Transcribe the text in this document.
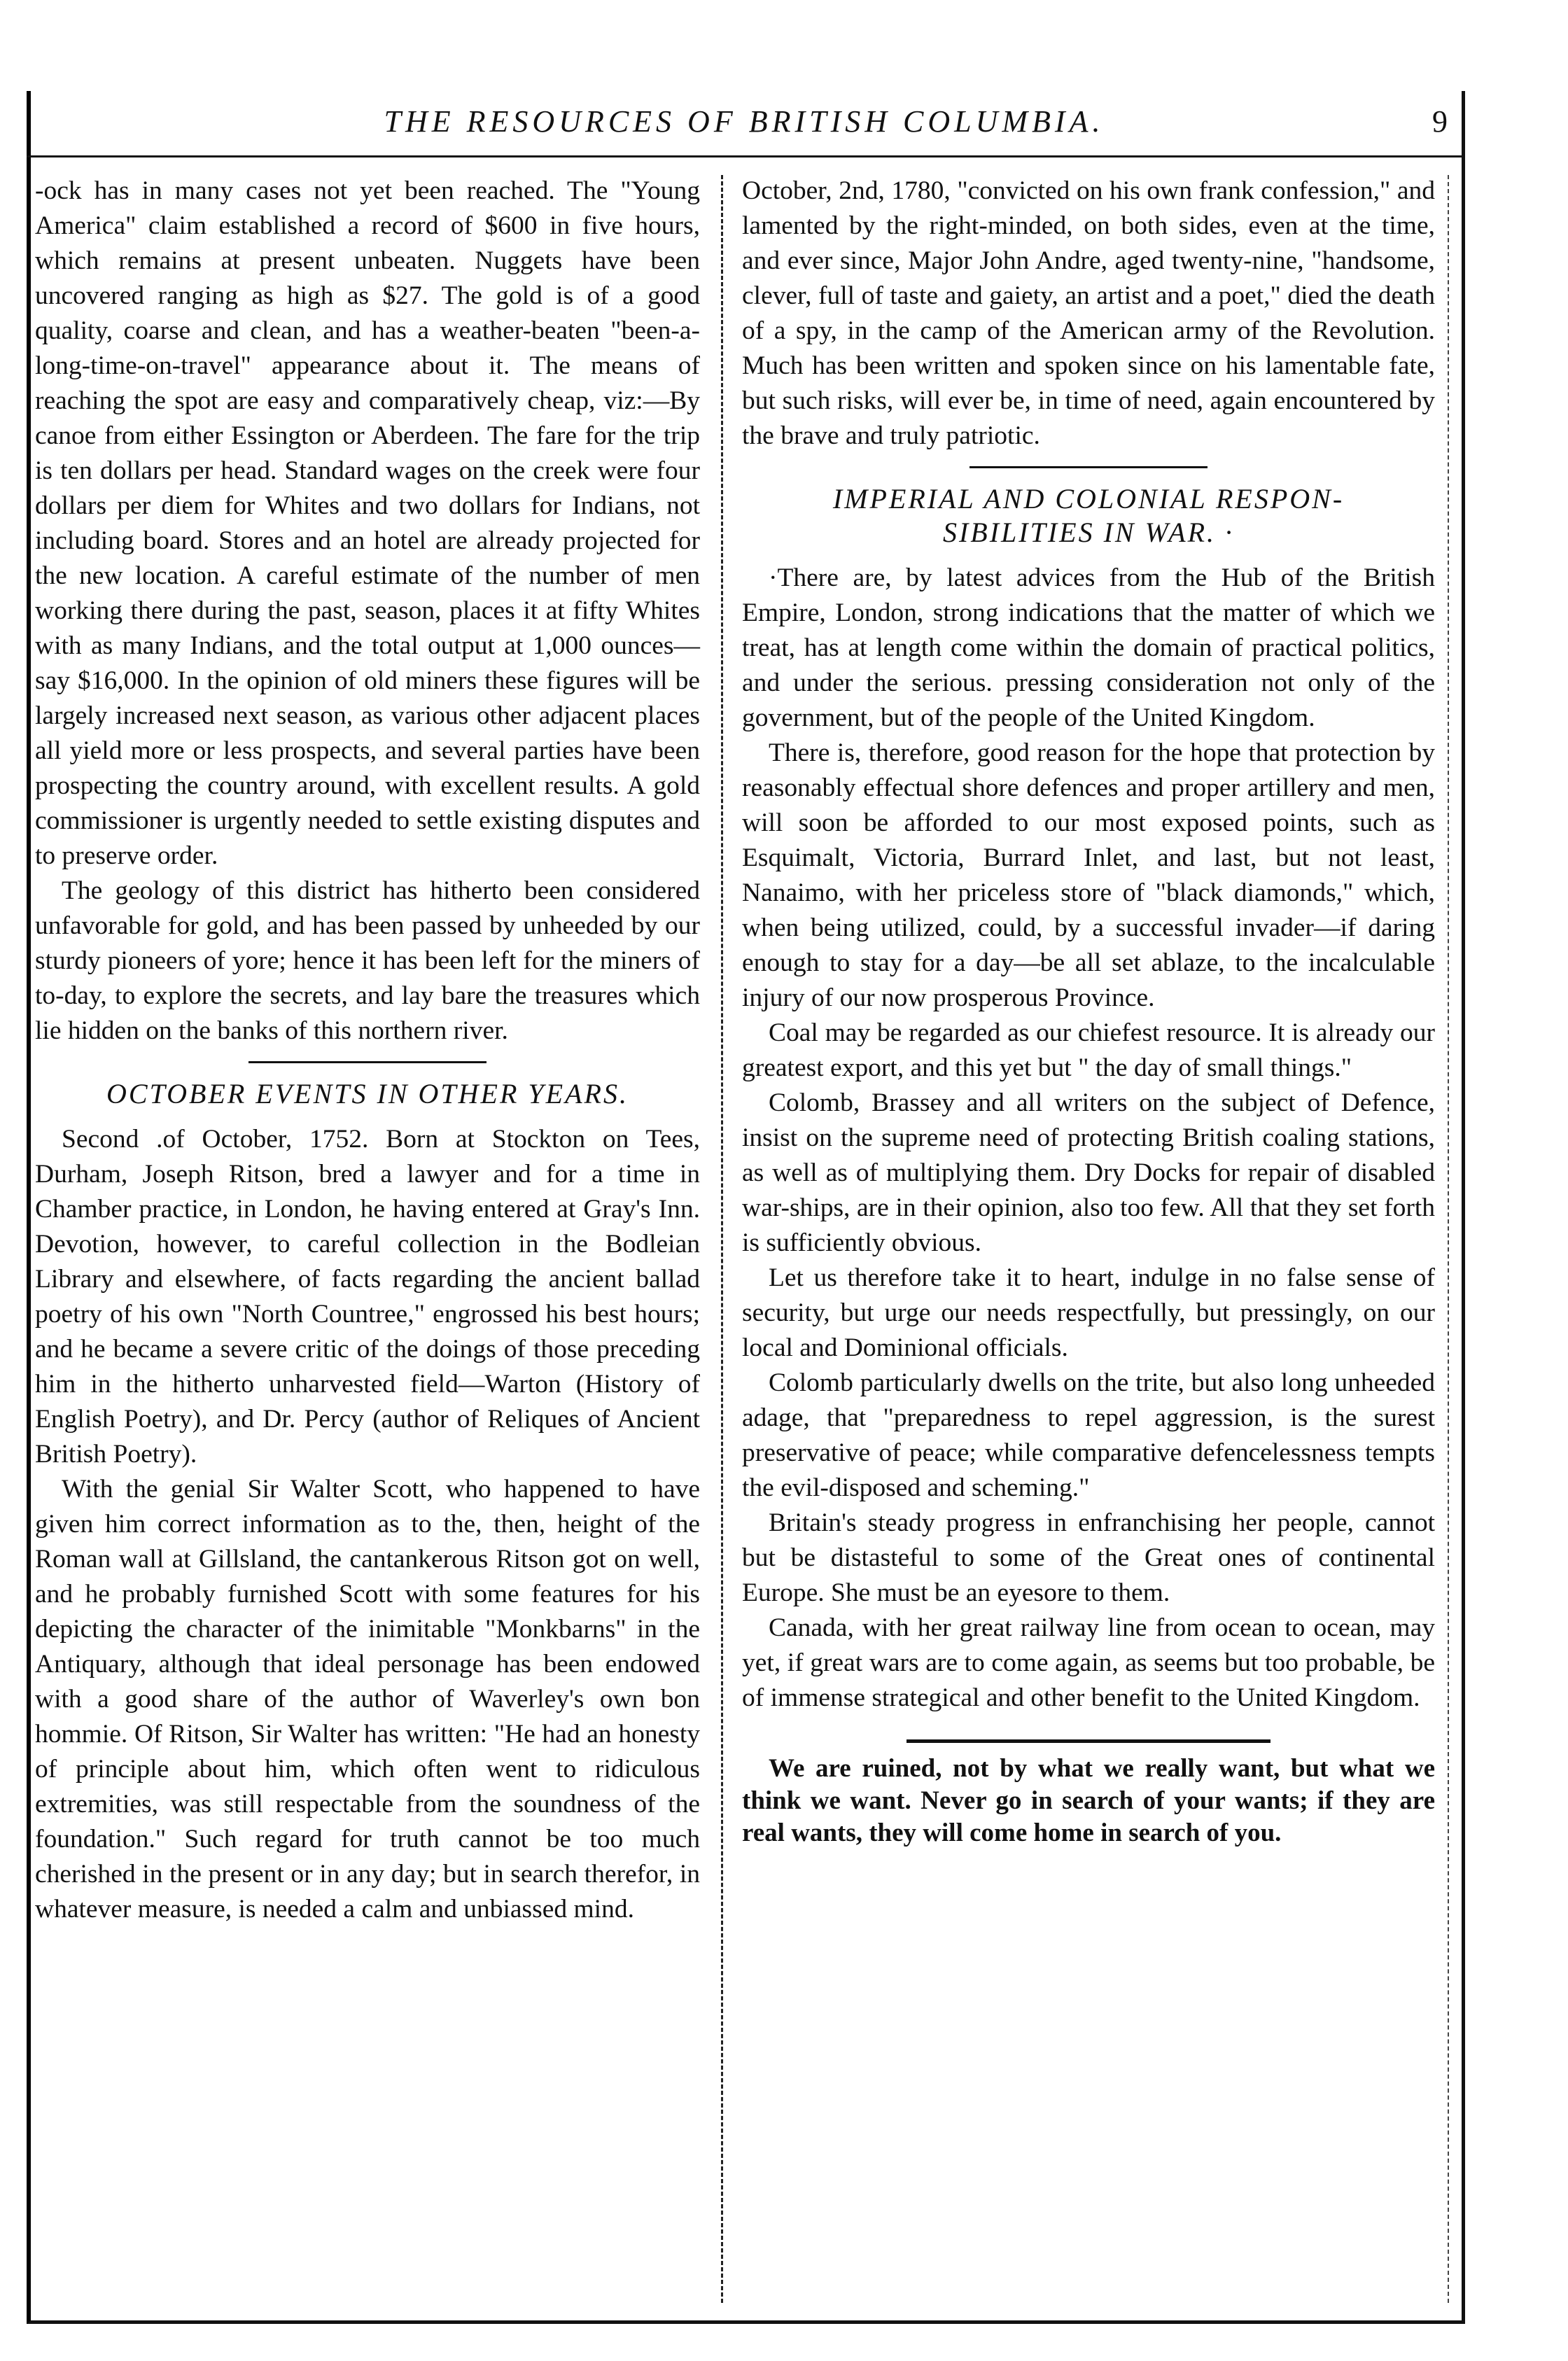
THE RESOURCES OF BRITISH COLUMBIA.	9

‑ock has in many cases not yet been reached. The "Young America" claim established a record of $600 in five hours, which remains at present unbeaten. Nuggets have been uncovered ranging as high as $27. The gold is of a good quality, coarse and clean, and has a weather-beaten "been-a-long-time-on-travel" appearance about it. The means of reaching the spot are easy and comparatively cheap, viz:—By canoe from either Essington or Aberdeen. The fare for the trip is ten dollars per head. Standard wages on the creek were four dollars per diem for Whites and two dollars for Indians, not including board. Stores and an hotel are already projected for the new location. A careful estimate of the number of men working there during the past, season, places it at fifty Whites with as many Indians, and the total output at 1,000 ounces—say $16,000. In the opinion of old miners these figures will be largely increased next season, as various other adjacent places all yield more or less prospects, and several parties have been prospecting the country around, with excellent results. A gold commissioner is urgently needed to settle existing disputes and to preserve order.

The geology of this district has hitherto been considered unfavorable for gold, and has been passed by unheeded by our sturdy pioneers of yore; hence it has been left for the miners of to-day, to explore the secrets, and lay bare the treasures which lie hidden on the banks of this northern river.

OCTOBER EVENTS IN OTHER YEARS.

Second .of October, 1752. Born at Stockton on Tees, Durham, Joseph Ritson, bred a lawyer and for a time in Chamber practice, in London, he having entered at Gray's Inn. Devotion, however, to careful collection in the Bodleian Library and elsewhere, of facts regarding the ancient ballad poetry of his own "North Countree," engrossed his best hours; and he became a severe critic of the doings of those preceding him in the hitherto unharvested field—Warton (History of English Poetry), and Dr. Percy (author of Reliques of Ancient British Poetry).

With the genial Sir Walter Scott, who happened to have given him correct information as to the, then, height of the Roman wall at Gillsland, the cantankerous Ritson got on well, and he probably furnished Scott with some features for his depicting the character of the inimitable "Monkbarns" in the Antiquary, although that ideal personage has been endowed with a good share of the author of Waverley's own bon hommie. Of Ritson, Sir Walter has written: "He had an honesty of principle about him, which often went to ridiculous extremities, was still respectable from the soundness of the foundation." Such regard for truth cannot be too much cherished in the present or in any day; but in search therefor, in whatever measure, is needed a calm and unbiassed mind.

October, 2nd, 1780, "convicted on his own frank confession," and lamented by the right-minded, on both sides, even at the time, and ever since, Major John Andre, aged twenty-nine, "handsome, clever, full of taste and gaiety, an artist and a poet," died the death of a spy, in the camp of the American army of the Revolution. Much has been written and spoken since on his lamentable fate, but such risks, will ever be, in time of need, again encountered by the brave and truly patriotic.

IMPERIAL AND COLONIAL RESPON-
SIBILITIES IN WAR. ·

·There are, by latest advices from the Hub of the British Empire, London, strong indications that the matter of which we treat, has at length come within the domain of practical politics, and under the serious. pressing consideration not only of the government, but of the people of the United Kingdom.

There is, therefore, good reason for the hope that protection by reasonably effectual shore defences and proper artillery and men, will soon be afforded to our most exposed points, such as Esquimalt, Victoria, Burrard Inlet, and last, but not least, Nanaimo, with her priceless store of "black diamonds," which, when being utilized, could, by a successful invader—if daring enough to stay for a day—be all set ablaze, to the incalculable injury of our now prosperous Province.

Coal may be regarded as our chiefest resource. It is already our greatest export, and this yet but " the day of small things."

Colomb, Brassey and all writers on the subject of Defence, insist on the supreme need of protecting British coaling stations, as well as of multiplying them. Dry Docks for repair of disabled war-ships, are in their opinion, also too few. All that they set forth is sufficiently obvious.

Let us therefore take it to heart, indulge in no false sense of security, but urge our needs respectfully, but pressingly, on our local and Dominional officials.

Colomb particularly dwells on the trite, but also long unheeded adage, that "preparedness to repel aggression, is the surest preservative of peace; while comparative defencelessness tempts the evil-disposed and scheming."

Britain's steady progress in enfranchising her people, cannot but be distasteful to some of the Great ones of continental Europe. She must be an eyesore to them.

Canada, with her great railway line from ocean to ocean, may yet, if great wars are to come again, as seems but too probable, be of immense strategical and other benefit to the United Kingdom.

We are ruined, not by what we really want, but what we think we want. Never go in search of your wants; if they are real wants, they will come home in search of you.
